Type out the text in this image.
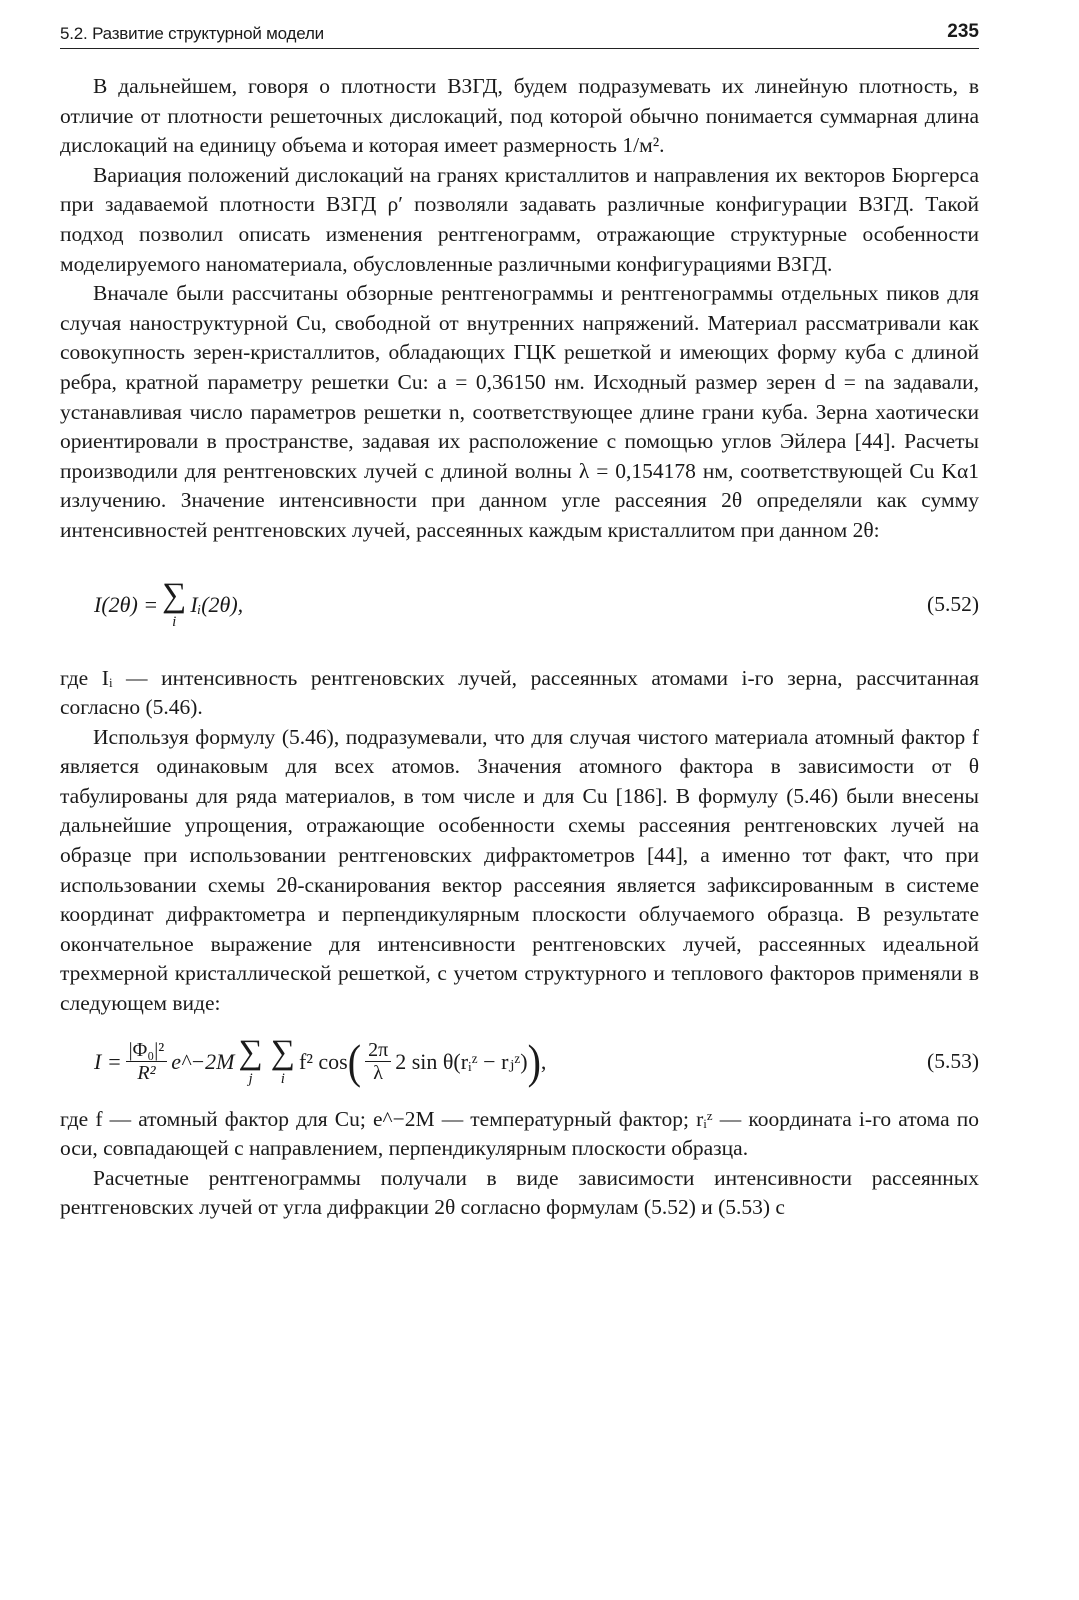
5.2. Развитие структурной модели	235

В дальнейшем, говоря о плотности ВЗГД, будем подразумевать их линейную плотность, в отличие от плотности решеточных дислокаций, под которой обычно понимается суммарная длина дислокаций на единицу объема и которая имеет размерность 1/м².

Вариация положений дислокаций на гранях кристаллитов и направления их векторов Бюргерса при задаваемой плотности ВЗГД ρ′ позволяли задавать различные конфигурации ВЗГД. Такой подход позволил описать изменения рентгенограмм, отражающие структурные особенности моделируемого наноматериала, обусловленные различными конфигурациями ВЗГД.

Вначале были рассчитаны обзорные рентгенограммы и рентгенограммы отдельных пиков для случая наноструктурной Cu, свободной от внутренних напряжений. Материал рассматривали как совокупность зерен-кристаллитов, обладающих ГЦК решеткой и имеющих форму куба с длиной ребра, кратной параметру решетки Cu: a = 0,36150 нм. Исходный размер зерен d = na задавали, устанавливая число параметров решетки n, соответствующее длине грани куба. Зерна хаотически ориентировали в пространстве, задавая их расположение с помощью углов Эйлера [44]. Расчеты производили для рентгеновских лучей с длиной волны λ = 0,154178 нм, соответствующей Cu Kα1 излучению. Значение интенсивности при данном угле рассеяния 2θ определяли как сумму интенсивностей рентгеновских лучей, рассеянных каждым кристаллитом при данном 2θ:

I(2θ) = ∑
i
Iᵢ(2θ),	(5.52)

где Iᵢ — интенсивность рентгеновских лучей, рассеянных атомами i-го зерна, рассчитанная согласно (5.46).

Используя формулу (5.46), подразумевали, что для случая чистого материала атомный фактор f является одинаковым для всех атомов. Значения атомного фактора в зависимости от θ табулированы для ряда материалов, в том числе и для Cu [186]. В формулу (5.46) были внесены дальнейшие упрощения, отражающие особенности схемы рассеяния рентгеновских лучей на образце при использовании рентгеновских дифрактометров [44], а именно тот факт, что при использовании схемы 2θ-сканирования вектор рассеяния является зафиксированным в системе координат дифрактометра и перпендикулярным плоскости облучаемого образца. В результате окончательное выражение для интенсивности рентгеновских лучей, рассеянных идеальной трехмерной кристаллической решеткой, с учетом структурного и теплового факторов применяли в следующем виде:

$I = \frac{\text{|Φ₀|²}}{\text{R²}}$ e^−2M ∑
j
∑
i
f² cos ( $\frac{2\pi}{\lambda} 2$ sin θ(rᵢᶻ − rⱼᶻ) ) ,	(5.53)

где f — атомный фактор для Cu; e^−2M — температурный фактор; rᵢᶻ — координата i-го атома по оси, совпадающей с направлением, перпендикулярным плоскости образца.

Расчетные рентгенограммы получали в виде зависимости интенсивности рассеянных рентгеновских лучей от угла дифракции 2θ согласно формулам (5.52) и (5.53) с
